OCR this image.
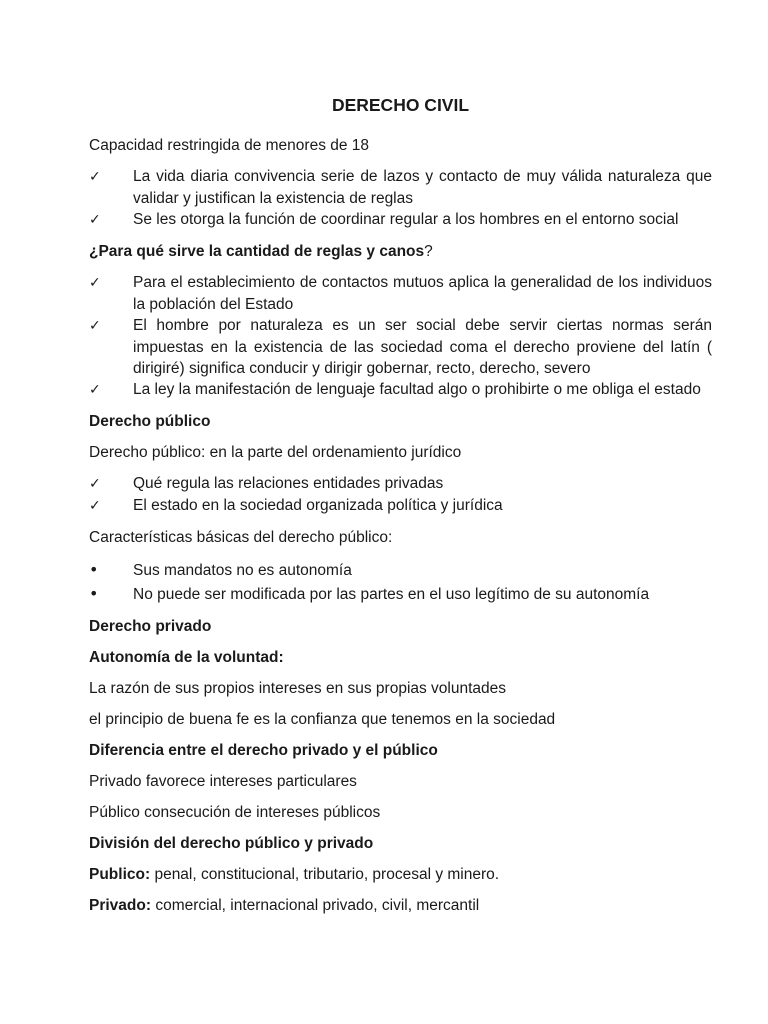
DERECHO CIVIL

Capacidad restringida de menores de 18

✓ La vida diaria convivencia serie de lazos y contacto de muy válida naturaleza que validar y justifican la existencia de reglas
✓ Se les otorga la función de coordinar regular a los hombres en el entorno social

¿Para qué sirve la cantidad de reglas y canos?

✓ Para el establecimiento de contactos mutuos aplica la generalidad de los individuos la población del Estado
✓ El hombre por naturaleza es un ser social debe servir ciertas normas serán impuestas en la existencia de las sociedad coma el derecho proviene del latín ( dirigiré) significa conducir y dirigir gobernar, recto, derecho, severo
✓ La ley la manifestación de lenguaje facultad algo o prohibirte o me obliga el estado

Derecho público

Derecho público: en la parte del ordenamiento jurídico

✓ Qué regula las relaciones entidades privadas
✓ El estado en la sociedad organizada política y jurídica

Características básicas del derecho público:

• Sus mandatos no es autonomía
• No puede ser modificada por las partes en el uso legítimo de su autonomía

Derecho privado

Autonomía de la voluntad:

La razón de sus propios intereses en sus propias voluntades

el principio de buena fe es la confianza que tenemos en la sociedad

Diferencia entre el derecho privado y el público

Privado favorece intereses particulares

Público consecución de intereses públicos

División del derecho público y privado

Publico: penal, constitucional, tributario, procesal y minero.

Privado: comercial, internacional privado, civil, mercantil
